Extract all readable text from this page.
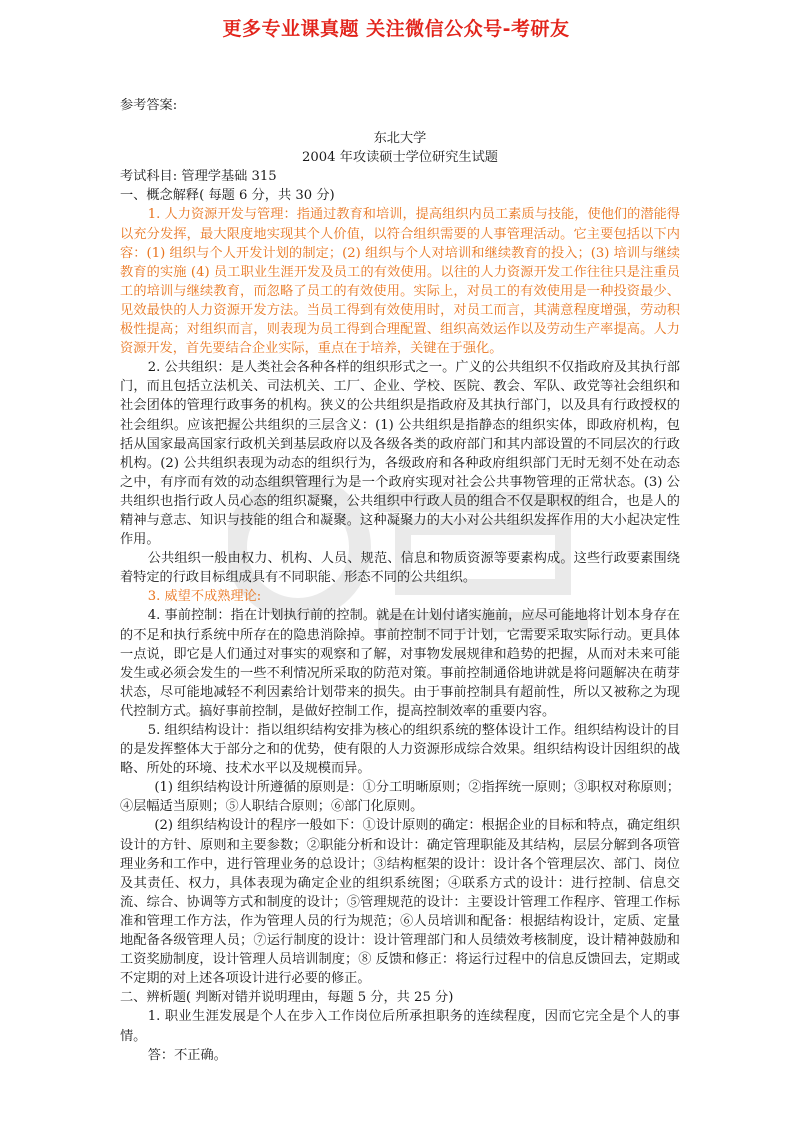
更多专业课真题 关注微信公众号-考研友

参考答案:

东北大学

2004 年攻读硕士学位研究生试题

考试科目: 管理学基础 315

一、概念解释( 每题 6 分，共 30 分)

1. 人力资源开发与管理：指通过教育和培训，提高组织内员工素质与技能，使他们的潜能得以充分发挥，最大限度地实现其个人价值，以符合组织需要的人事管理活动。它主要包括以下内容：(1) 组织与个人开发计划的制定；(2) 组织与个人对培训和继续教育的投入；(3) 培训与继续教育的实施 (4) 员工职业生涯开发及员工的有效使用。以往的人力资源开发工作往往只是注重员工的培训与继续教育，而忽略了员工的有效使用。实际上，对员工的有效使用是一种投资最少、见效最快的人力资源开发方法。当员工得到有效使用时，对员工而言，其满意程度增强，劳动积极性提高；对组织而言，则表现为员工得到合理配置、组织高效运作以及劳动生产率提高。人力资源开发，首先要结合企业实际，重点在于培养，关键在于强化。

2. 公共组织：是人类社会各种各样的组织形式之一。广义的公共组织不仅指政府及其执行部门，而且包括立法机关、司法机关、工厂、企业、学校、医院、教会、军队、政党等社会组织和社会团体的管理行政事务的机构。狭义的公共组织是指政府及其执行部门，以及具有行政授权的社会组织。应该把握公共组织的三层含义：(1) 公共组织是指静态的组织实体，即政府机构，包括从国家最高国家行政机关到基层政府以及各级各类的政府部门和其内部设置的不同层次的行政机构。(2) 公共组织表现为动态的组织行为，各级政府和各种政府组织部门无时无刻不处在动态之中，有序而有效的动态组织管理行为是一个政府实现对社会公共事物管理的正常状态。(3) 公共组织也指行政人员心态的组织凝聚，公共组织中行政人员的组合不仅是职权的组合，也是人的精神与意志、知识与技能的组合和凝聚。这种凝聚力的大小对公共组织发挥作用的大小起决定性作用。

公共组织一般由权力、机构、人员、规范、信息和物质资源等要素构成。这些行政要素围绕着特定的行政目标组成具有不同职能、形态不同的公共组织。

3. 威望不成熟理论:

4. 事前控制：指在计划执行前的控制。就是在计划付诸实施前，应尽可能地将计划本身存在的不足和执行系统中所存在的隐患消除掉。事前控制不同于计划，它需要采取实际行动。更具体一点说，即它是人们通过对事实的观察和了解，对事物发展规律和趋势的把握，从而对未来可能发生或必须会发生的一些不利情况所采取的防范对策。事前控制通俗地讲就是将问题解决在萌芽状态，尽可能地减轻不利因素给计划带来的损失。由于事前控制具有超前性，所以又被称之为现代控制方式。搞好事前控制，是做好控制工作，提高控制效率的重要内容。

5. 组织结构设计：指以组织结构安排为核心的组织系统的整体设计工作。组织结构设计的目的是发挥整体大于部分之和的优势，使有限的人力资源形成综合效果。组织结构设计因组织的战略、所处的环境、技术水平以及规模而异。

(1) 组织结构设计所遵循的原则是：①分工明晰原则；②指挥统一原则；③职权对称原则；④层幅适当原则；⑤人职结合原则；⑥部门化原则。

(2) 组织结构设计的程序一般如下：①设计原则的确定：根据企业的目标和特点，确定组织设计的方针、原则和主要参数；②职能分析和设计：确定管理职能及其结构，层层分解到各项管理业务和工作中，进行管理业务的总设计；③结构框架的设计：设计各个管理层次、部门、岗位及其责任、权力，具体表现为确定企业的组织系统图；④联系方式的设计：进行控制、信息交流、综合、协调等方式和制度的设计；⑤管理规范的设计：主要设计管理工作程序、管理工作标准和管理工作方法，作为管理人员的行为规范；⑥人员培训和配备：根据结构设计，定质、定量地配备各级管理人员；⑦运行制度的设计：设计管理部门和人员绩效考核制度，设计精神鼓励和工资奖励制度，设计管理人员培训制度；⑧ 反馈和修正：将运行过程中的信息反馈回去，定期或不定期的对上述各项设计进行必要的修正。

二、辨析题( 判断对错并说明理由，每题 5 分，共 25 分)

1. 职业生涯发展是个人在步入工作岗位后所承担职务的连续程度，因而它完全是个人的事情。

答：不正确。
